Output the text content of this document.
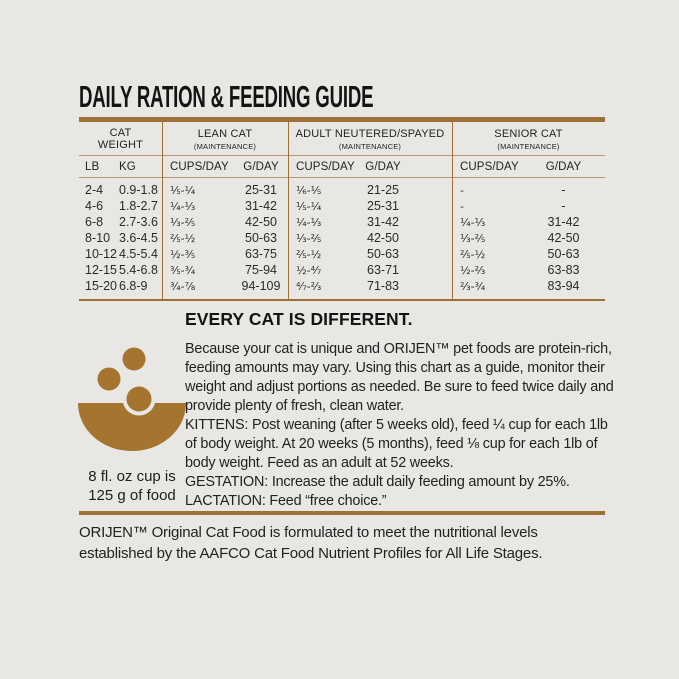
DAILY RATION & FEEDING GUIDE
CAT WEIGHT
LEAN CAT
(MAINTENANCE)
ADULT NEUTERED/SPAYED
(MAINTENANCE)
SENIOR CAT
(MAINTENANCE)
LB	KG	CUPS/DAY	G/DAY	CUPS/DAY G/DAY	CUPS/DAY	G/DAY
2-4	0.9-1.8	⅕-¼	25-31	⅙-⅕	21-25	-	-
4-6	1.8-2.7	¼-⅓	31-42	⅕-¼	25-31	-	-
6-8	2.7-3.6	⅓-⅖	42-50	¼-⅓	31-42	¼-⅓	31-42
8-10 3.6-4.5	⅖-½	50-63	⅓-⅖	42-50	⅓-⅖	42-50
10-12 4.5-5.4	½-⅗	63-75	⅖-½	50-63	⅖-½	50-63
12-15 5.4-6.8	⅗-¾	75-94	½-⁴⁄₇	63-71	½-⅔	63-83
15-20 6.8-9	¾-⅞	94-109	⁴⁄₇-⅔	71-83	⅔-¾	83-94
8 fl. oz cup is
125 g of food
EVERY CAT IS DIFFERENT.

Because your cat is unique and ORIJEN™ pet foods are protein-rich, feeding amounts may vary. Using this chart as a guide, monitor their weight and adjust portions as needed. Be sure to feed twice daily and provide plenty of fresh, clean water.

KITTENS: Post weaning (after 5 weeks old), feed ¼ cup for each 1lb of body weight. At 20 weeks (5 months), feed ⅛ cup for each 1lb of body weight. Feed as an adult at 52 weeks.

GESTATION: Increase the adult daily feeding amount by 25%.

LACTATION: Feed “free choice.”

ORIJEN™ Original Cat Food is formulated to meet the nutritional levels established by the AAFCO Cat Food Nutrient Profiles for All Life Stages.
